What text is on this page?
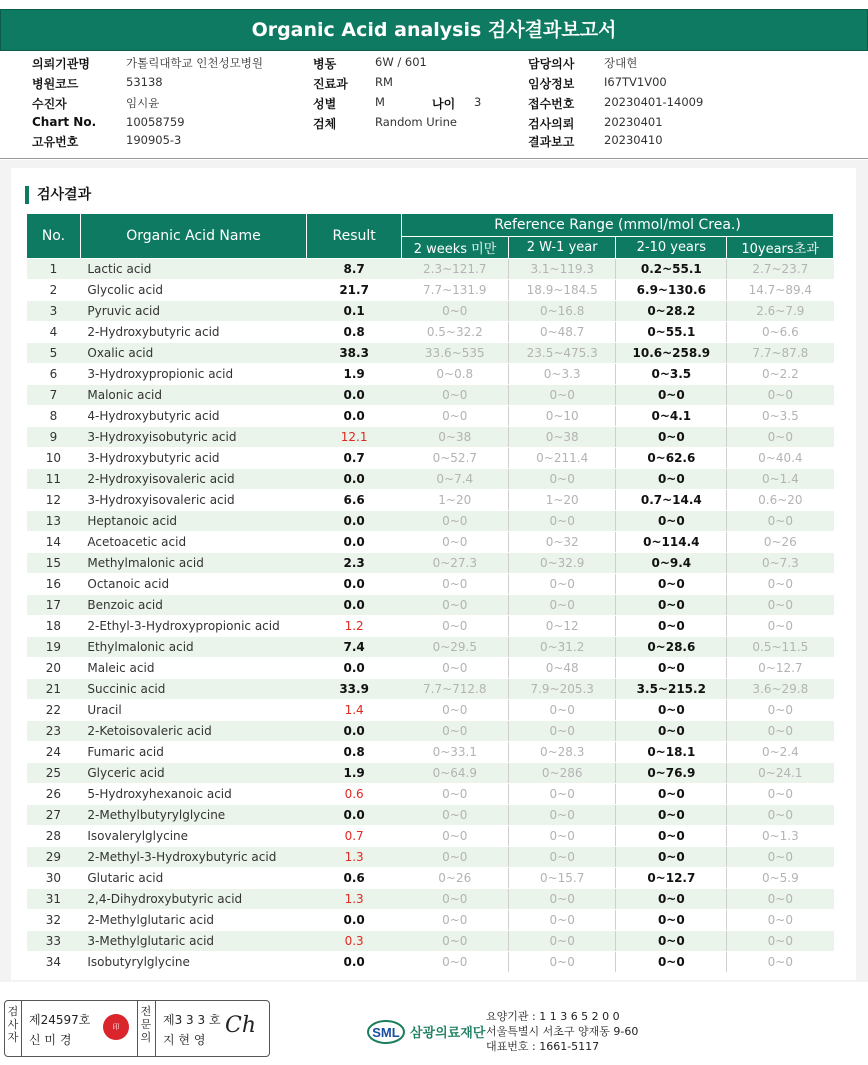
Organic Acid analysis 검사결과보고서
의뢰기관명	가톨릭대학교 인천성모병원	병동	6W / 601	담당의사	장대현
병원코드	53138	진료과 RM	임상정보	I67TV1V00
수진자	임시윤	성별	M	나이 3	접수번호	20230401-14009
Chart No.	10058759	검체	Random Urine	검사의뢰	20230401
고유번호	190905-3	결과보고	20230410
검사결과
No.	Organic Acid Name	Result	Reference Range (mmol/mol Crea.)			
			2 weeks 미만	2 W-1 year	2-10 years	10years초과
1	Lactic acid	8.7	2.3~121.7	3.1~119.3	0.2~55.1	2.7~23.7
2	Glycolic acid	21.7	7.7~131.9	18.9~184.5	6.9~130.6	14.7~89.4
3	Pyruvic acid	0.1	0~0	0~16.8	0~28.2	2.6~7.9
4	2-Hydroxybutyric acid	0.8	0.5~32.2	0~48.7	0~55.1	0~6.6
5	Oxalic acid	38.3	33.6~535	23.5~475.3	10.6~258.9	7.7~87.8
6	3-Hydroxypropionic acid	1.9	0~0.8	0~3.3	0~3.5	0~2.2
7	Malonic acid	0.0	0~0	0~0	0~0	0~0
8	4-Hydroxybutyric acid	0.0	0~0	0~10	0~4.1	0~3.5
9	3-Hydroxyisobutyric acid	12.1	0~38	0~38	0~0	0~0
10	3-Hydroxybutyric acid	0.7	0~52.7	0~211.4	0~62.6	0~40.4
11	2-Hydroxyisovaleric acid	0.0	0~7.4	0~0	0~0	0~1.4
12	3-Hydroxyisovaleric acid	6.6	1~20	1~20	0.7~14.4	0.6~20
13	Heptanoic acid	0.0	0~0	0~0	0~0	0~0
14	Acetoacetic acid	0.0	0~0	0~32	0~114.4	0~26
15	Methylmalonic acid	2.3	0~27.3	0~32.9	0~9.4	0~7.3
16	Octanoic acid	0.0	0~0	0~0	0~0	0~0
17	Benzoic acid	0.0	0~0	0~0	0~0	0~0
18	2-Ethyl-3-Hydroxypropionic acid	1.2	0~0	0~12	0~0	0~0
19	Ethylmalonic acid	7.4	0~29.5	0~31.2	0~28.6	0.5~11.5
20	Maleic acid	0.0	0~0	0~48	0~0	0~12.7
21	Succinic acid	33.9	7.7~712.8	7.9~205.3	3.5~215.2	3.6~29.8
22	Uracil	1.4	0~0	0~0	0~0	0~0
23	2-Ketoisovaleric acid	0.0	0~0	0~0	0~0	0~0
24	Fumaric acid	0.8	0~33.1	0~28.3	0~18.1	0~2.4
25	Glyceric acid	1.9	0~64.9	0~286	0~76.9	0~24.1
26	5-Hydroxyhexanoic acid	0.6	0~0	0~0	0~0	0~0
27	2-Methylbutyrylglycine	0.0	0~0	0~0	0~0	0~0
28	Isovalerylglycine	0.7	0~0	0~0	0~0	0~1.3
29	2-Methyl-3-Hydroxybutyric acid	1.3	0~0	0~0	0~0	0~0
30	Glutaric acid	0.6	0~26	0~15.7	0~12.7	0~5.9
31	2,4-Dihydroxybutyric acid	1.3	0~0	0~0	0~0	0~0
32	2-Methylglutaric acid	0.0	0~0	0~0	0~0	0~0
33	3-Methylglutaric acid	0.3	0~0	0~0	0~0	0~0
34	Isobutyrylglycine	0.0	0~0	0~0	0~0	0~0
검사자
제24597호
신 미 경
印
전문의
제3 3 3 호
지 현 영
Ch	SML 삼광의료재단
요양기관 : 1 1 3 6 5 2 0 0
서울특별시 서초구 양재동 9-60
대표번호 : 1661-5117
